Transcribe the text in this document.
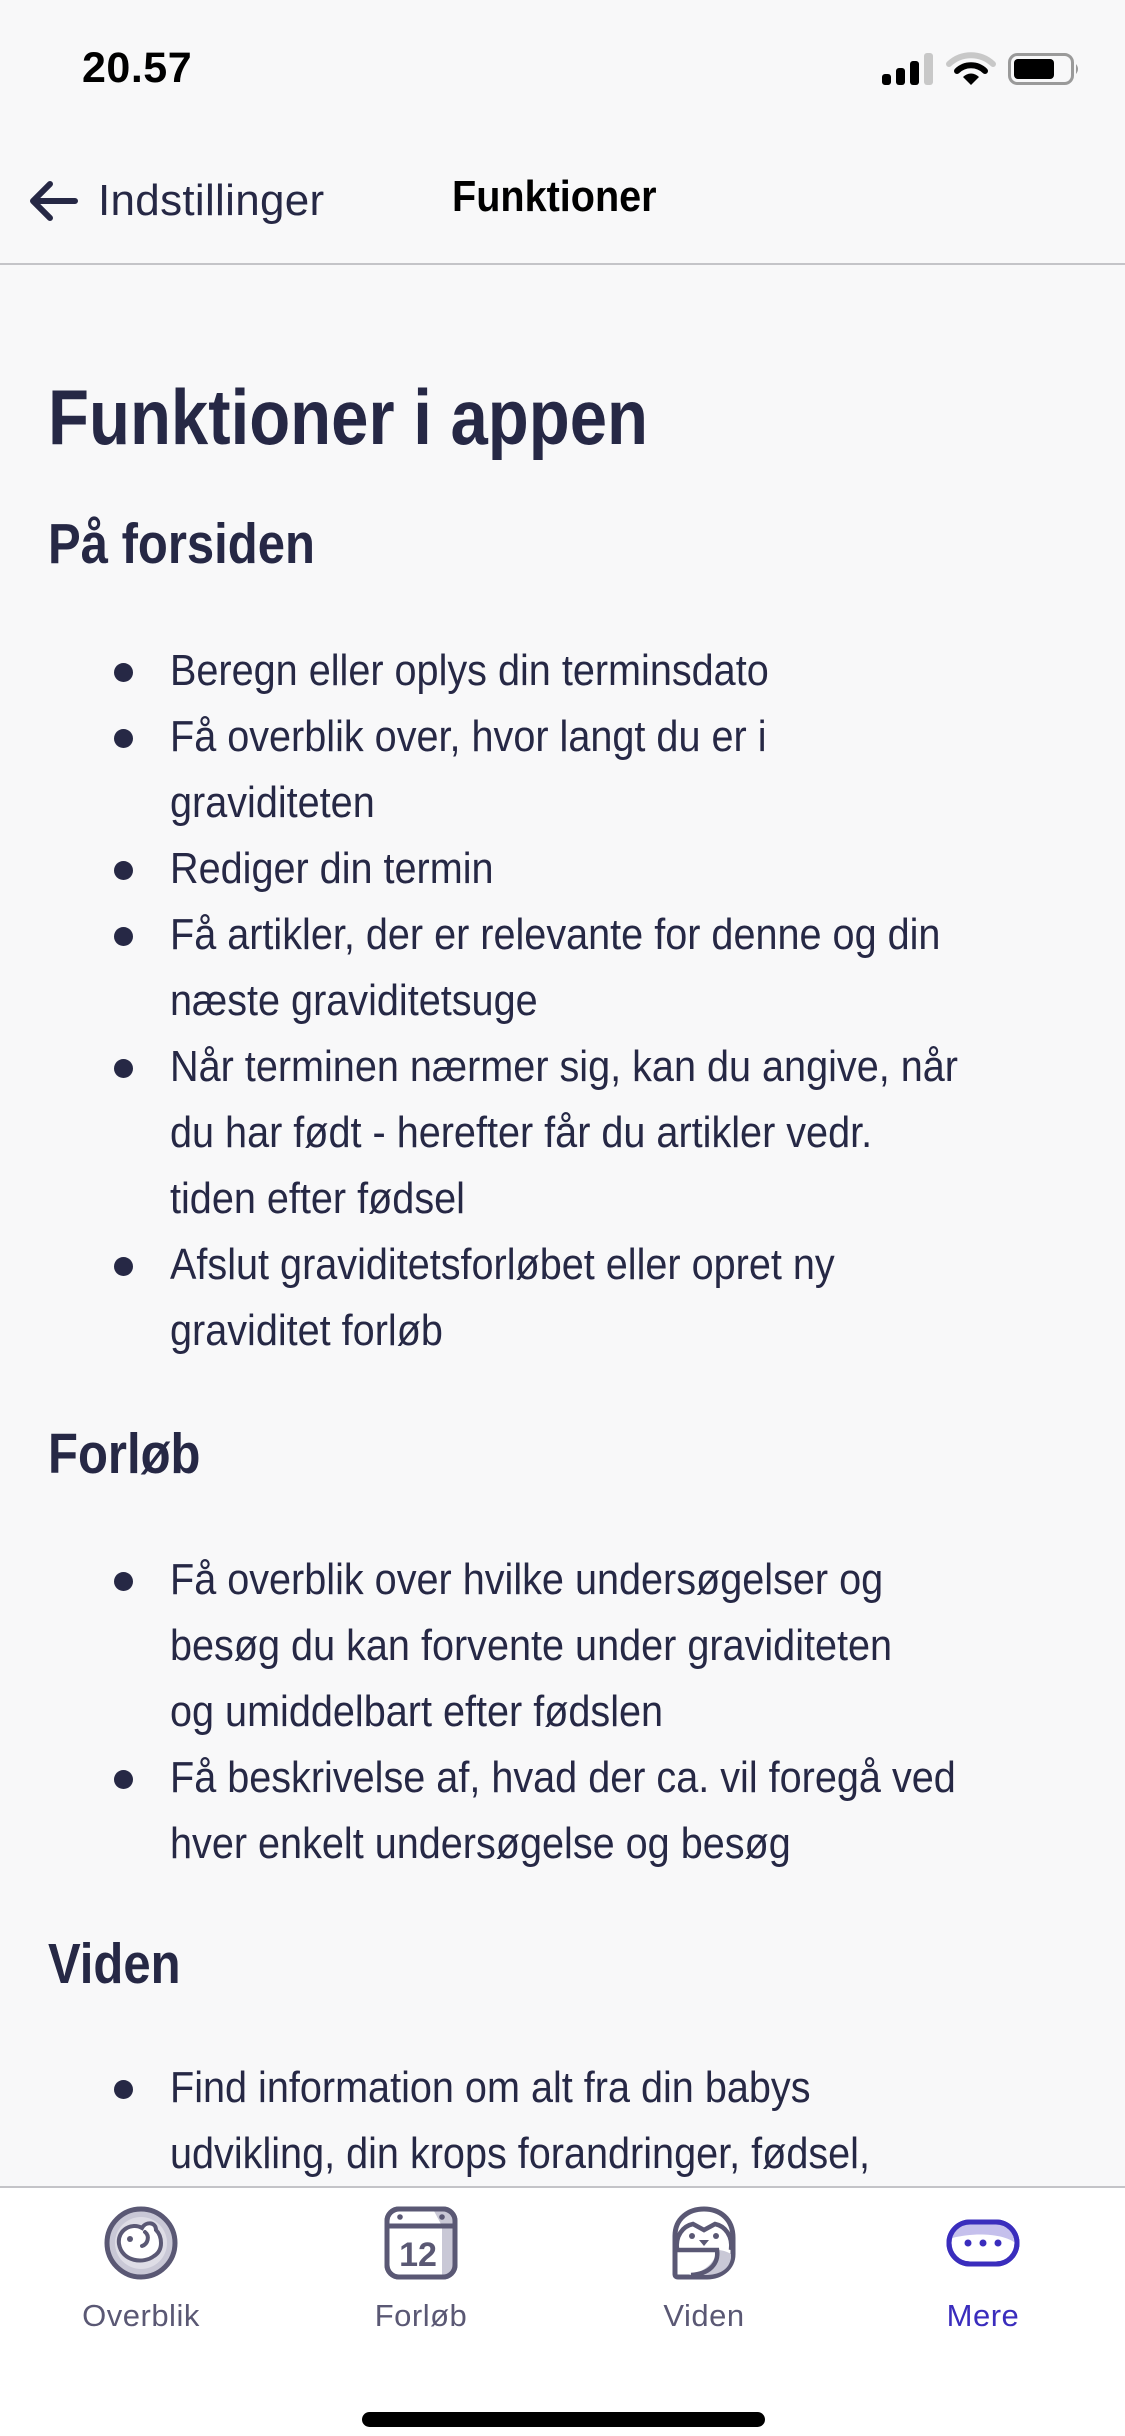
20.57
Indstillinger	Funktioner
Funktioner i appen
På forsiden
Beregn eller oplys din terminsdato
Få overblik over, hvor langt du er i
graviditeten
Rediger din termin
Få artikler, der er relevante for denne og din
næste graviditetsuge
Når terminen nærmer sig, kan du angive, når
du har født - herefter får du artikler vedr.
tiden efter fødsel
Afslut graviditetsforløbet eller opret ny
graviditet forløb
Forløb
Få overblik over hvilke undersøgelser og
besøg du kan forvente under graviditeten
og umiddelbart efter fødslen
Få beskrivelse af, hvad der ca. vil foregå ved
hver enkelt undersøgelse og besøg
Viden
Find information om alt fra din babys
udvikling, din krops forandringer, fødsel,
Overblik
12
Forløb	Viden	Mere
